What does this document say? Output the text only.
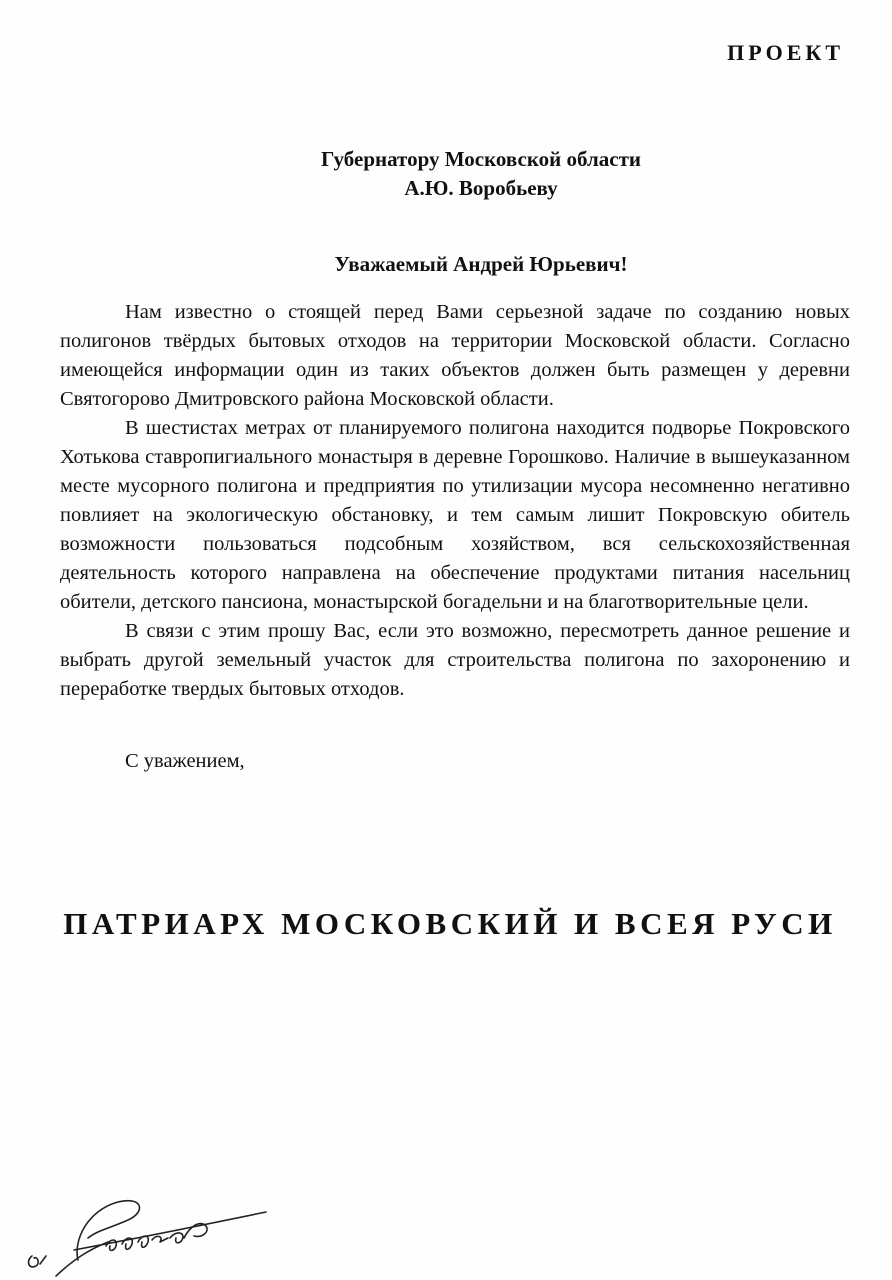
ПРОЕКТ
Губернатору Московской области
А.Ю. Воробьеву
Уважаемый Андрей Юрьевич!

Нам известно о стоящей перед Вами серьезной задаче по созданию новых полигонов твёрдых бытовых отходов на территории Московской области. Согласно имеющейся информации один из таких объектов должен быть размещен у деревни Святогорово Дмитровского района Московской области.

В шестистах метрах от планируемого полигона находится подворье Покровского Хотькова ставропигиального монастыря в деревне Горошково. Наличие в вышеуказанном месте мусорного полигона и предприятия по утилизации мусора несомненно негативно повлияет на экологическую обстановку, и тем самым лишит Покровскую обитель возможности пользоваться подсобным хозяйством, вся сельскохозяйственная деятельность которого направлена на обеспечение продуктами питания насельниц обители, детского пансиона, монастырской богадельни и на благотворительные цели.

В связи с этим прошу Вас, если это возможно, пересмотреть данное решение и выбрать другой земельный участок для строительства полигона по захоронению и переработке твердых бытовых отходов.

С уважением,
ПАТРИАРХ МОСКОВСКИЙ И ВСЕЯ РУСИ
